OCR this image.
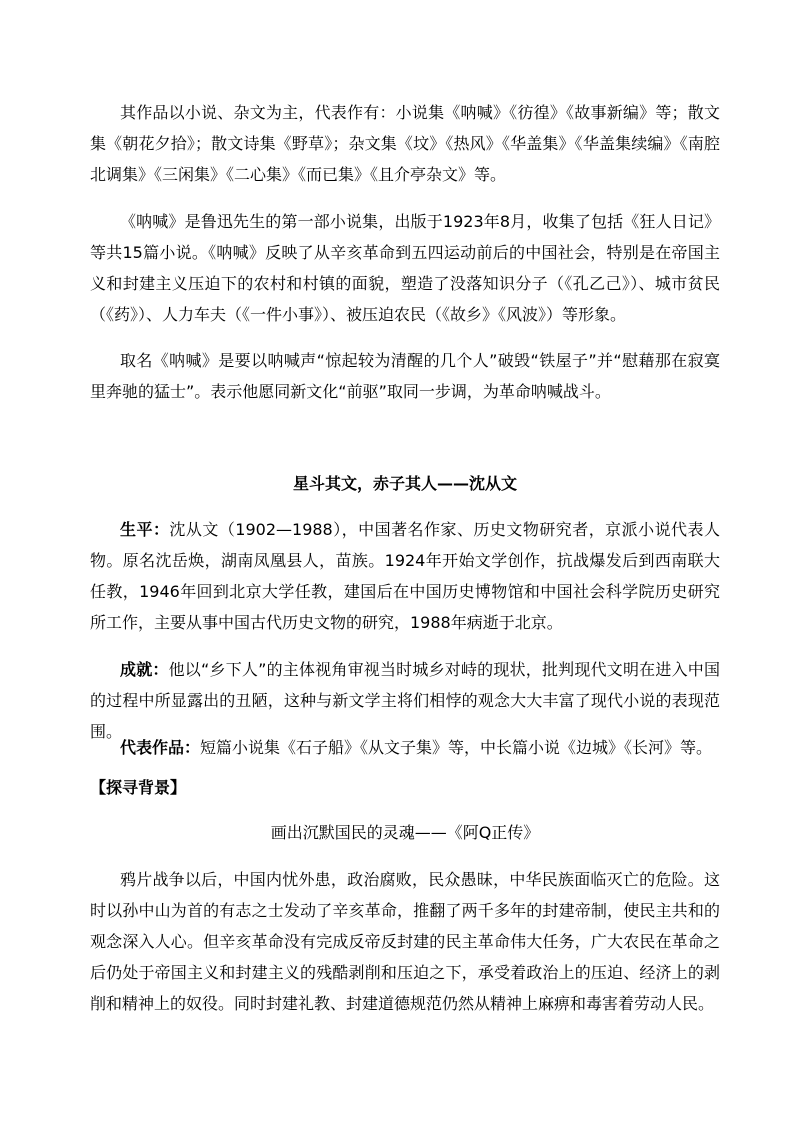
其作品以小说、杂文为主，代表作有：小说集《呐喊》《彷徨》《故事新编》等；散文集《朝花夕拾》；散文诗集《野草》；杂文集《坟》《热风》《华盖集》《华盖集续编》《南腔北调集》《三闲集》《二心集》《而已集》《且介亭杂文》等。

《呐喊》是鲁迅先生的第一部小说集，出版于1923年8月，收集了包括《狂人日记》等共15篇小说。《呐喊》反映了从辛亥革命到五四运动前后的中国社会，特别是在帝国主义和封建主义压迫下的农村和村镇的面貌，塑造了没落知识分子（《孔乙己》）、城市贫民（《药》）、人力车夫（《一件小事》）、被压迫农民（《故乡》《风波》）等形象。

取名《呐喊》是要以呐喊声“惊起较为清醒的几个人”破毁“铁屋子”并“慰藉那在寂寞里奔驰的猛士”。表示他愿同新文化“前驱”取同一步调，为革命呐喊战斗。

星斗其文，赤子其人——沈从文

生平：沈从文（1902—1988），中国著名作家、历史文物研究者，京派小说代表人物。原名沈岳焕，湖南凤凰县人，苗族。1924年开始文学创作，抗战爆发后到西南联大任教，1946年回到北京大学任教，建国后在中国历史博物馆和中国社会科学院历史研究所工作，主要从事中国古代历史文物的研究，1988年病逝于北京。

成就：他以“乡下人”的主体视角审视当时城乡对峙的现状，批判现代文明在进入中国的过程中所显露出的丑陋，这种与新文学主将们相悖的观念大大丰富了现代小说的表现范围。

代表作品：短篇小说集《石子船》《从文子集》等，中长篇小说《边城》《长河》等。

【探寻背景】
画出沉默国民的灵魂——《阿Q正传》

鸦片战争以后，中国内忧外患，政治腐败，民众愚昧，中华民族面临灭亡的危险。这时以孙中山为首的有志之士发动了辛亥革命，推翻了两千多年的封建帝制，使民主共和的观念深入人心。但辛亥革命没有完成反帝反封建的民主革命伟大任务，广大农民在革命之后仍处于帝国主义和封建主义的残酷剥削和压迫之下，承受着政治上的压迫、经济上的剥削和精神上的奴役。同时封建礼教、封建道德规范仍然从精神上麻痹和毒害着劳动人民。
